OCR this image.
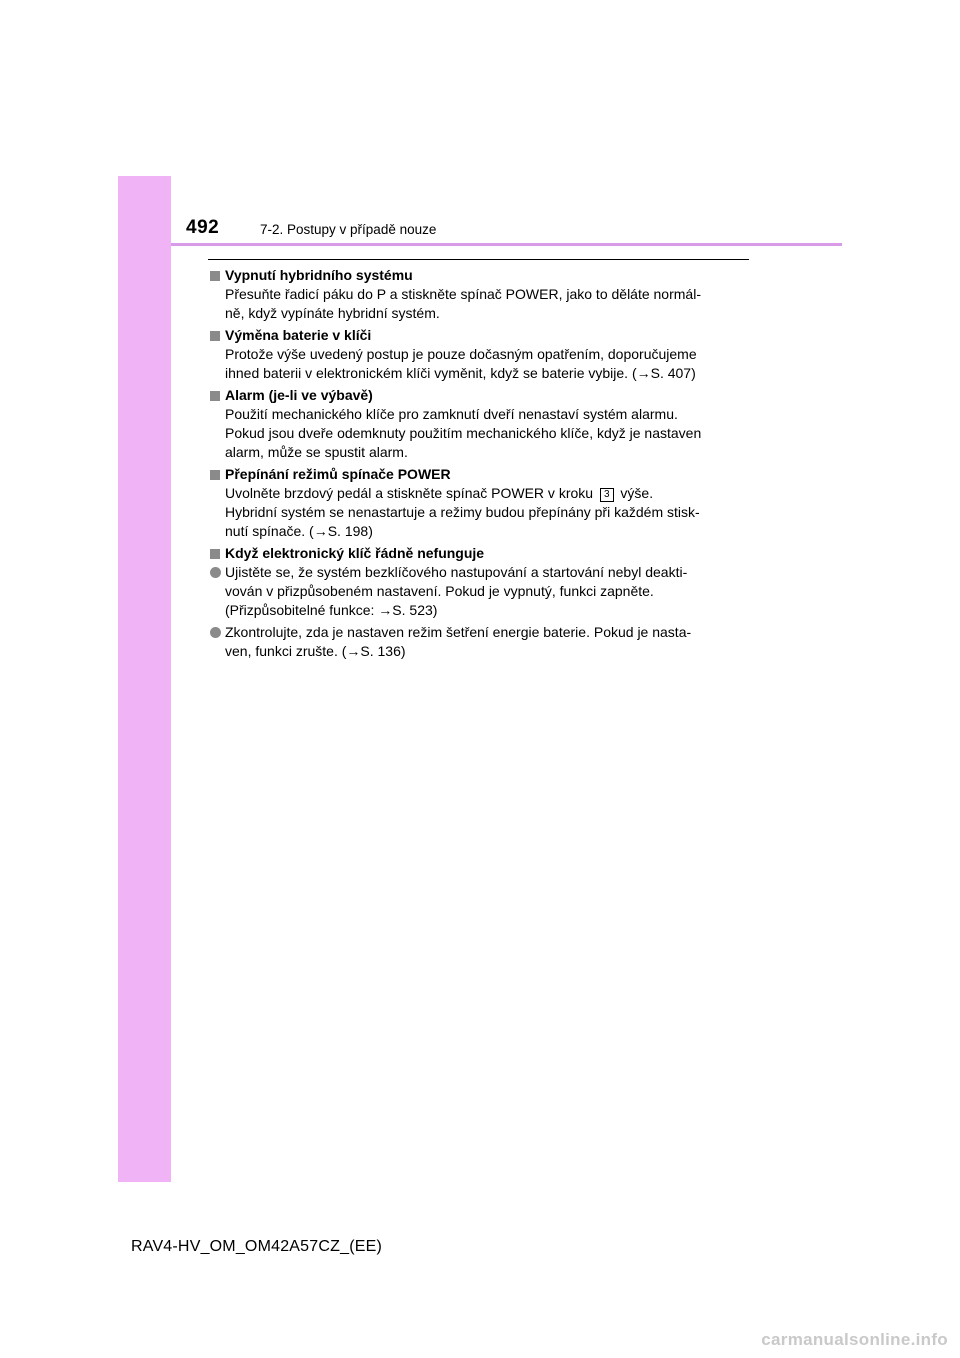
492	7-2. Postupy v případě nouze
Vypnutí hybridního systému
Přesuňte řadicí páku do P a stiskněte spínač POWER, jako to děláte normál-
ně, když vypínáte hybridní systém.
Výměna baterie v klíči
Protože výše uvedený postup je pouze dočasným opatřením, doporučujeme
ihned baterii v elektronickém klíči vyměnit, když se baterie vybije. (→S. 407)
Alarm (je-li ve výbavě)
Použití mechanického klíče pro zamknutí dveří nenastaví systém alarmu.
Pokud jsou dveře odemknuty použitím mechanického klíče, když je nastaven
alarm, může se spustit alarm.
Přepínání režimů spínače POWER
Uvolněte brzdový pedál a stiskněte spínač POWER v kroku 3 výše.
Hybridní systém se nenastartuje a režimy budou přepínány při každém stisk-
nutí spínače. (→S. 198)
Když elektronický klíč řádně nefunguje
Ujistěte se, že systém bezklíčového nastupování a startování nebyl deakti-
vován v přizpůsobeném nastavení. Pokud je vypnutý, funkci zapněte.
(Přizpůsobitelné funkce: →S. 523)
Zkontrolujte, zda je nastaven režim šetření energie baterie. Pokud je nasta-
ven, funkci zrušte. (→S. 136)
RAV4-HV_OM_OM42A57CZ_(EE)
carmanualsonline.info
